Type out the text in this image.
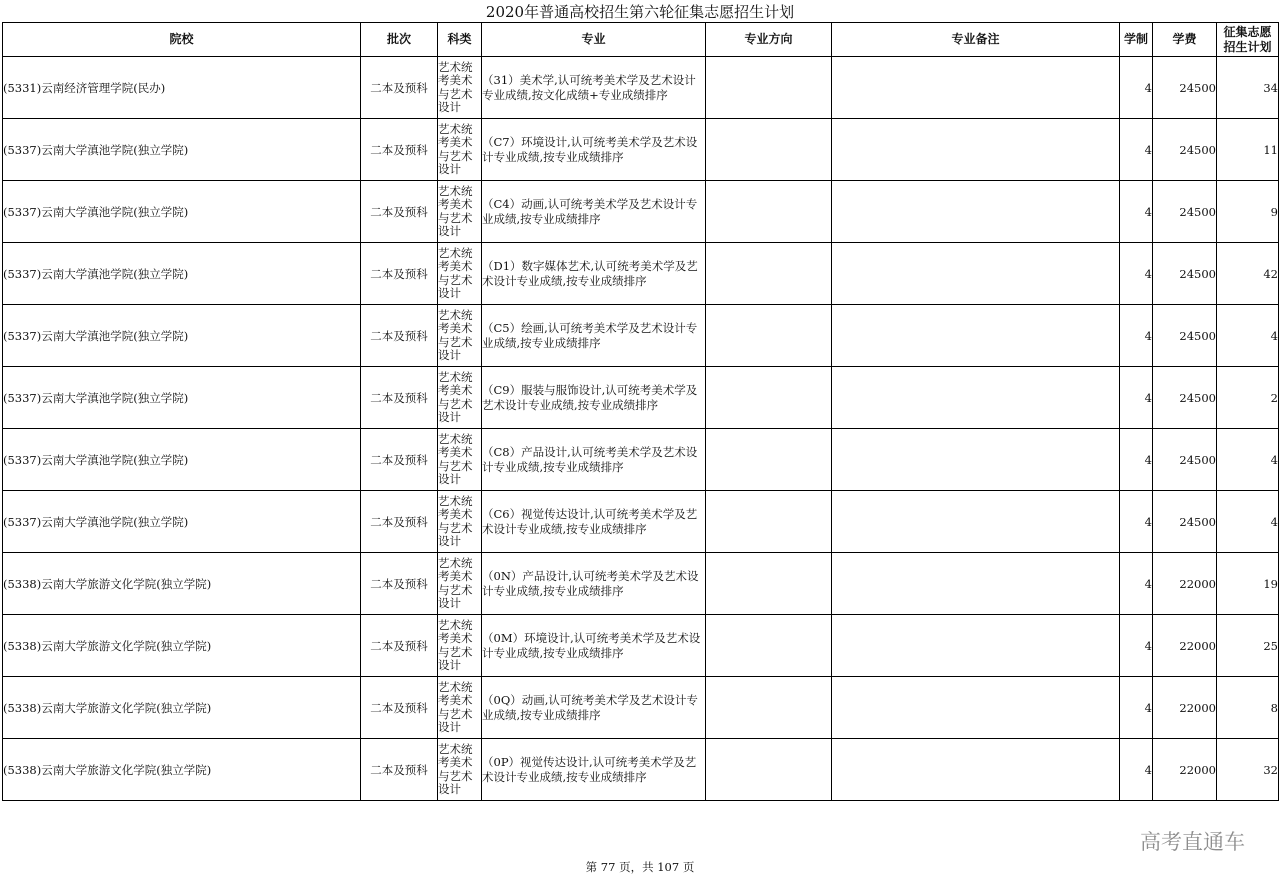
2020年普通高校招生第六轮征集志愿招生计划
院校	批次	科类	专业	专业方向	专业备注	学制	学费	征集志愿
招生计划
(5331)云南经济管理学院(民办)	二本及预科	艺术统考美术与艺术设计	（31）美术学,认可统考美术学及艺术设计专业成绩,按文化成绩+专业成绩排序			4	24500	34
(5337)云南大学滇池学院(独立学院)	二本及预科	艺术统考美术与艺术设计	（C7）环境设计,认可统考美术学及艺术设计专业成绩,按专业成绩排序			4	24500	11
(5337)云南大学滇池学院(独立学院)	二本及预科	艺术统考美术与艺术设计	（C4）动画,认可统考美术学及艺术设计专业成绩,按专业成绩排序			4	24500	9
(5337)云南大学滇池学院(独立学院)	二本及预科	艺术统考美术与艺术设计	（D1）数字媒体艺术,认可统考美术学及艺术设计专业成绩,按专业成绩排序			4	24500	42
(5337)云南大学滇池学院(独立学院)	二本及预科	艺术统考美术与艺术设计	（C5）绘画,认可统考美术学及艺术设计专业成绩,按专业成绩排序			4	24500	4
(5337)云南大学滇池学院(独立学院)	二本及预科	艺术统考美术与艺术设计	（C9）服装与服饰设计,认可统考美术学及艺术设计专业成绩,按专业成绩排序			4	24500	2
(5337)云南大学滇池学院(独立学院)	二本及预科	艺术统考美术与艺术设计	（C8）产品设计,认可统考美术学及艺术设计专业成绩,按专业成绩排序			4	24500	4
(5337)云南大学滇池学院(独立学院)	二本及预科	艺术统考美术与艺术设计	（C6）视觉传达设计,认可统考美术学及艺术设计专业成绩,按专业成绩排序			4	24500	4
(5338)云南大学旅游文化学院(独立学院)	二本及预科	艺术统考美术与艺术设计	（0N）产品设计,认可统考美术学及艺术设计专业成绩,按专业成绩排序			4	22000	19
(5338)云南大学旅游文化学院(独立学院)	二本及预科	艺术统考美术与艺术设计	（0M）环境设计,认可统考美术学及艺术设计专业成绩,按专业成绩排序			4	22000	25
(5338)云南大学旅游文化学院(独立学院)	二本及预科	艺术统考美术与艺术设计	（0Q）动画,认可统考美术学及艺术设计专业成绩,按专业成绩排序			4	22000	8
(5338)云南大学旅游文化学院(独立学院)	二本及预科	艺术统考美术与艺术设计	（0P）视觉传达设计,认可统考美术学及艺术设计专业成绩,按专业成绩排序			4	22000	32
高考直通车
第 77 页，共 107 页
